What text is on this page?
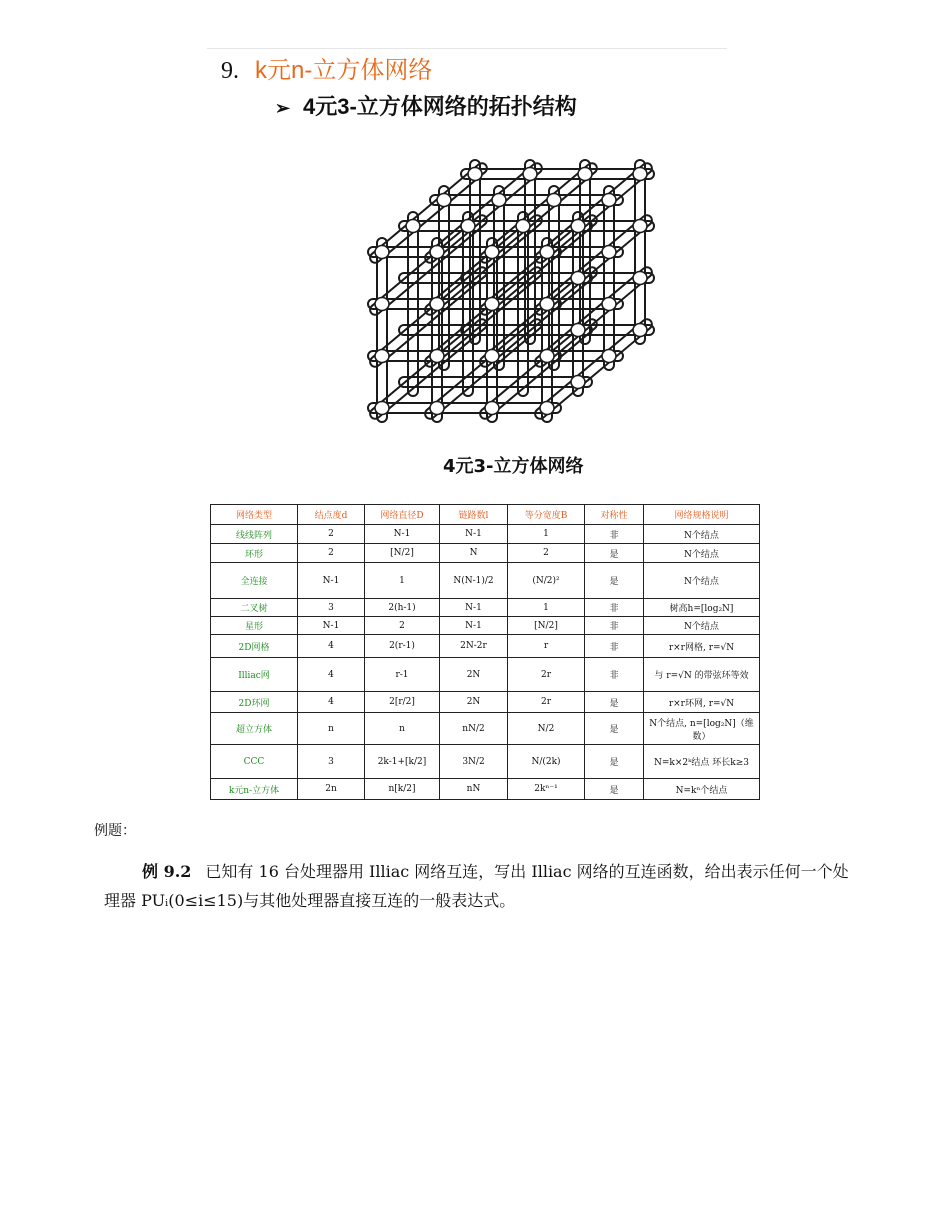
9. k元n-立方体网络
➢ 4元3-立方体网络的拓扑结构
4元3-立方体网络
网络类型	结点度d	网络直径D	链路数l	等分宽度B	对称性	网络规格说明
线线阵列	2	N-1	N-1	1	非	N个结点
环形	2	[N/2]	N	2	是	N个结点
全连接	N-1	1	N(N-1)/2	(N/2)²	是	N个结点
二叉树	3	2(h-1)	N-1	1	非	树高h=[log₂N]
星形	N-1	2	N-1	[N/2]	非	N个结点
2D网格	4	2(r-1)	2N-2r	r	非	r×r网格, r=√N
Illiac网	4	r-1	2N	2r	非	与 r=√N 的带弦环等效
2D环网	4	2[r/2]	2N	2r	是	r×r环网, r=√N
超立方体	n	n	nN/2	N/2	是	N个结点, n=[log₂N]（维数）
CCC	3	2k-1+[k/2]	3N/2	N/(2k)	是	N=k×2ᵏ结点 环长k≥3
k元n-立方体	2n	n[k/2]	nN	2kⁿ⁻¹	是	N=kⁿ个结点
例题：
例 9.2 已知有 16 台处理器用 Illiac 网络互连，写出 Illiac 网络的互连函数，给出表示任何一个处理器 PUᵢ(0≤i≤15)与其他处理器直接互连的一般表达式。
